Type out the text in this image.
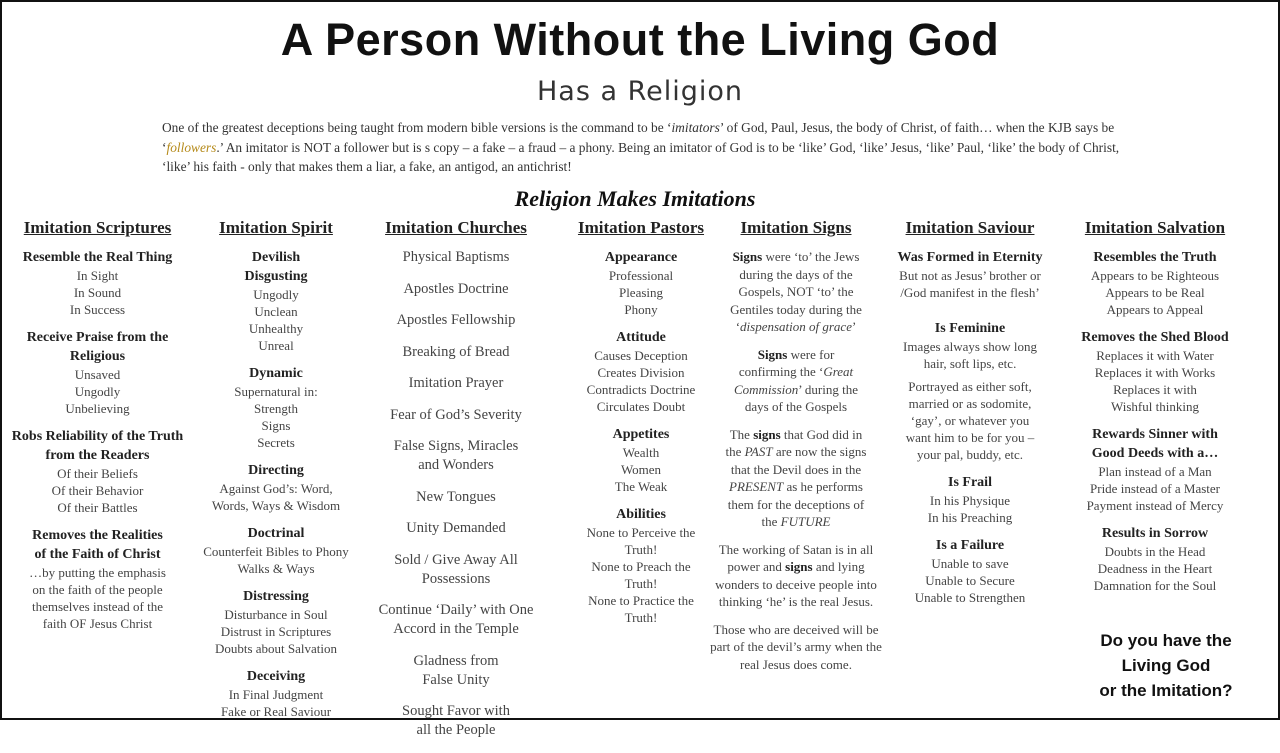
A Person Without the Living God
Has a Religion
One of the greatest deceptions being taught from modern bible versions is the command to be ‘imitators’ of God, Paul, Jesus, the body of Christ, of faith… when the KJB says be ‘followers.’ An imitator is NOT a follower but is s copy – a fake – a fraud – a phony. Being an imitator of God is to be ‘like’ God, ‘like’ Jesus, ‘like’ Paul, ‘like’ the body of Christ, ‘like’ his faith - only that makes them a liar, a fake, an antigod, an antichrist!
Religion Makes Imitations
Imitation Scriptures
Resemble the Real Thing
In Sight
In Sound
In Success
Receive Praise from the Religious
Unsaved
Ungodly
Unbelieving
Robs Reliability of the Truth from the Readers
Of their Beliefs
Of their Behavior
Of their Battles
Removes the Realities of the Faith of Christ
…by putting the emphasis on the faith of the people themselves instead of the faith OF Jesus Christ
Imitation Spirit
Devilish
Disgusting
Ungodly
Unclean
Unhealthy
Unreal
Dynamic
Supernatural in:
Strength
Signs
Secrets
Directing
Against God’s: Word, Words, Ways & Wisdom
Doctrinal
Counterfeit Bibles to Phony Walks & Ways
Distressing
Disturbance in Soul
Distrust in Scriptures
Doubts about Salvation
Deceiving
In Final Judgment
Fake or Real Saviour
Imitation Churches
Physical Baptisms
Apostles Doctrine
Apostles Fellowship
Breaking of Bread
Imitation Prayer
Fear of God’s Severity
False Signs, Miracles and Wonders
New Tongues
Unity Demanded
Sold / Give Away All Possessions
Continue ‘Daily’ with One Accord in the Temple
Gladness from False Unity
Sought Favor with all the People
Imitation Pastors
Appearance
Professional
Pleasing
Phony
Attitude
Causes Deception
Creates Division
Contradicts Doctrine
Circulates Doubt
Appetites
Wealth
Women
The Weak
Abilities
None to Perceive the Truth!
None to Preach the Truth!
None to Practice the Truth!
Imitation Signs
Signs were ‘to’ the Jews during the days of the Gospels, NOT ‘to’ the Gentiles today during the ‘dispensation of grace’
Signs were for confirming the ‘Great Commission’ during the days of the Gospels
The signs that God did in the PAST are now the signs that the Devil does in the PRESENT as he performs them for the deceptions of the FUTURE
The working of Satan is in all power and signs and lying wonders to deceive people into thinking ‘he’ is the real Jesus.
Those who are deceived will be part of the devil’s army when the real Jesus does come.
Imitation Saviour
Was Formed in Eternity
But not as Jesus’ brother or /God manifest in the flesh’
Is Feminine
Images always show long hair, soft lips, etc.
Portrayed as either soft, married or as sodomite, ‘gay’, or whatever you want him to be for you – your pal, buddy, etc.
Is Frail
In his Physique
In his Preaching
Is a Failure
Unable to save
Unable to Secure
Unable to Strengthen
Imitation Salvation
Resembles the Truth
Appears to be Righteous
Appears to be Real
Appears to Appeal
Removes the Shed Blood
Replaces it with Water
Replaces it with Works
Replaces it with Wishful thinking
Rewards Sinner with Good Deeds with a…
Plan instead of a Man
Pride instead of a Master
Payment instead of Mercy
Results in Sorrow
Doubts in the Head
Deadness in the Heart
Damnation for the Soul
Do you have the
Living God
or the Imitation?
